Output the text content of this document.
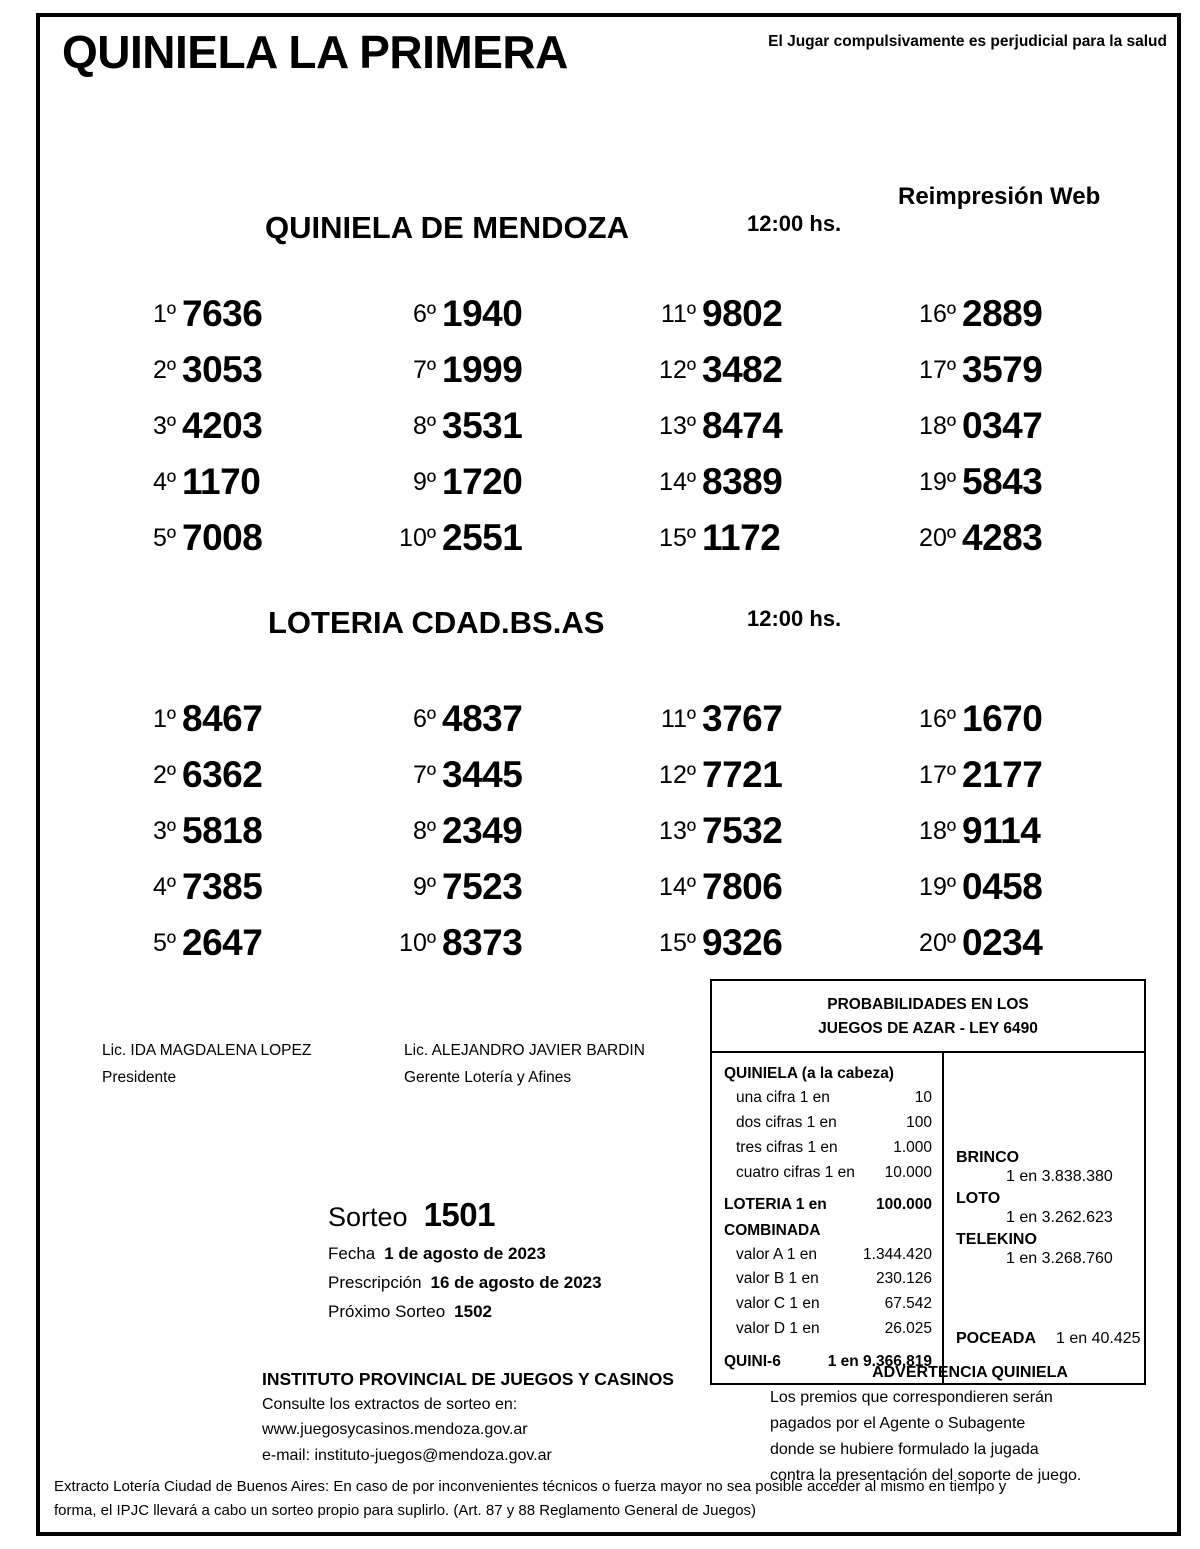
QUINIELA LA PRIMERA	El Jugar compulsivamente es perjudicial para la salud
Reimpresión Web
QUINIELA DE MENDOZA	12:00 hs.
1º 7636	6º 1940	11º 9802	16º 2889
2º 3053	7º 1999	12º 3482	17º 3579
3º 4203	8º 3531	13º 8474	18º 0347
4º 1170	9º 1720	14º 8389	19º 5843
5º 7008	10º 2551	15º 1172	20º 4283
LOTERIA CDAD.BS.AS	12:00 hs.
1º 8467	6º 4837	11º 3767	16º 1670
2º 6362	7º 3445	12º 7721	17º 2177
3º 5818	8º 2349	13º 7532	18º 9114
4º 7385	9º 7523	14º 7806	19º 0458
5º 2647	10º 8373	15º 9326	20º 0234
Lic. IDA MAGDALENA LOPEZ
Presidente
Lic. ALEJANDRO JAVIER BARDIN
Gerente Lotería y Afines
Sorteo 1501
Fecha 1 de agosto de 2023
Prescripción 16 de agosto de 2023
Próximo Sorteo 1502
PROBABILIDADES EN LOS
JUEGOS DE AZAR - LEY 6490
QUINIELA (a la cabeza)
una cifra 1 en	10
dos cifras 1 en	100
tres cifras 1 en	1.000
cuatro cifras 1 en 10.000
LOTERIA 1 en	100.000
COMBINADA
valor A 1 en	1.344.420
valor B 1 en	230.126
valor C 1 en	67.542
valor D 1 en	26.025
QUINI-6	1 en 9.366.819
BRINCO
1 en 3.838.380
LOTO
1 en 3.262.623
TELEKINO
1 en 3.268.760
POCEADA 1 en 40.425
INSTITUTO PROVINCIAL DE JUEGOS Y CASINOS
Consulte los extractos de sorteo en:
www.juegosycasinos.mendoza.gov.ar
e-mail: instituto-juegos@mendoza.gov.ar
ADVERTENCIA QUINIELA
Los premios que correspondieren serán
pagados por el Agente o Subagente
donde se hubiere formulado la jugada
contra la presentación del soporte de juego.
Extracto Lotería Ciudad de Buenos Aires: En caso de por inconvenientes técnicos o fuerza mayor no sea posible acceder al mismo en tiempo y
forma, el IPJC llevará a cabo un sorteo propio para suplirlo. (Art. 87 y 88 Reglamento General de Juegos)
